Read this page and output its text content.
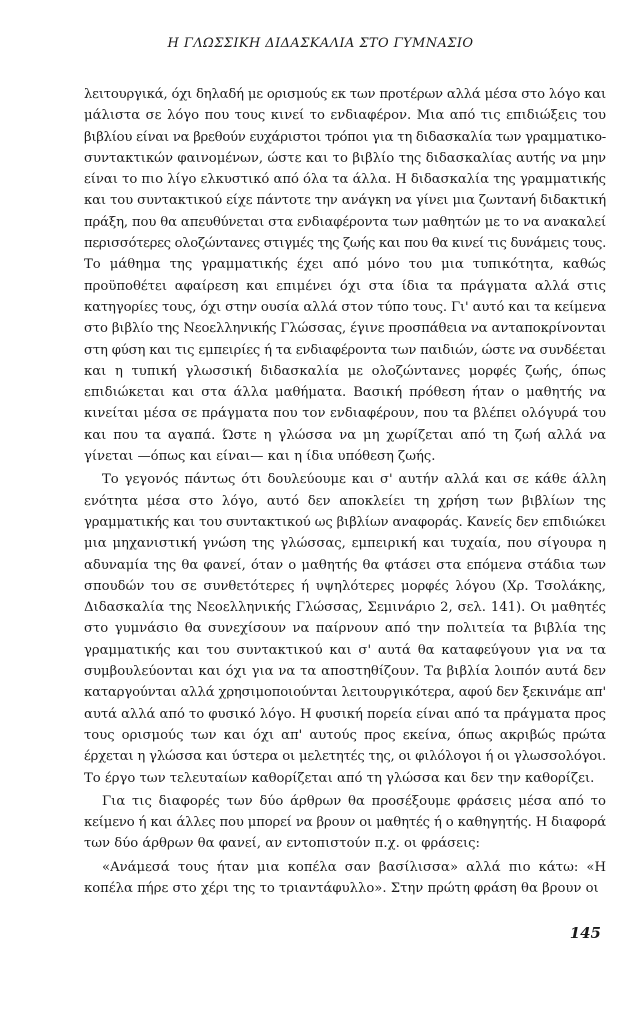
Η ΓΛΩΣΣΙΚΗ ΔΙΔΑΣΚΑΛΙΑ ΣΤΟ ΓΥΜΝΑΣΙΟ
λειτουργικά, όχι δηλαδή με ορισμούς εκ των προτέρων αλλά μέσα στο λόγο και
μάλιστα σε λόγο που τους κινεί το ενδιαφέρον. Μια από τις επιδιώξεις του
βιβλίου είναι να βρεθούν ευχάριστοι τρόποι για τη διδασκαλία των γραμματικο-
συντακτικών φαινομένων, ώστε και το βιβλίο της διδασκαλίας αυτής να μην
είναι το πιο λίγο ελκυστικό από όλα τα άλλα. Η διδασκαλία της γραμματικής
και του συντακτικού είχε πάντοτε την ανάγκη να γίνει μια ζωντανή διδακτική
πράξη, που θα απευθύνεται στα ενδιαφέροντα των μαθητών με το να ανακαλεί
περισσότερες ολοζώντανες στιγμές της ζωής και που θα κινεί τις δυνάμεις τους.
Το μάθημα της γραμματικής έχει από μόνο του μια τυπικότητα, καθώς
προϋποθέτει αφαίρεση και επιμένει όχι στα ίδια τα πράγματα αλλά στις
κατηγορίες τους, όχι στην ουσία αλλά στον τύπο τους. Γι' αυτό και τα κείμενα
στο βιβλίο της Νεοελληνικής Γλώσσας, έγινε προσπάθεια να ανταποκρίνονται
στη φύση και τις εμπειρίες ή τα ενδιαφέροντα των παιδιών, ώστε να συνδέεται
και η τυπική γλωσσική διδασκαλία με ολοζώντανες μορφές ζωής, όπως
επιδιώκεται και στα άλλα μαθήματα. Βασική πρόθεση ήταν ο μαθητής να
κινείται μέσα σε πράγματα που τον ενδιαφέρουν, που τα βλέπει ολόγυρά του
και που τα αγαπά. Ώστε η γλώσσα να μη χωρίζεται από τη ζωή αλλά να
γίνεται —όπως και είναι— και η ίδια υπόθεση ζωής.
Το γεγονός πάντως ότι δουλεύουμε και σ' αυτήν αλλά και σε κάθε άλλη
ενότητα μέσα στο λόγο, αυτό δεν αποκλείει τη χρήση των βιβλίων της
γραμματικής και του συντακτικού ως βιβλίων αναφοράς. Κανείς δεν επιδιώκει
μια μηχανιστική γνώση της γλώσσας, εμπειρική και τυχαία, που σίγουρα η
αδυναμία της θα φανεί, όταν ο μαθητής θα φτάσει στα επόμενα στάδια των
σπουδών του σε συνθετότερες ή υψηλότερες μορφές λόγου (Χρ. Τσολάκης,
Διδασκαλία της Νεοελληνικής Γλώσσας, Σεμινάριο 2, σελ. 141). Οι μαθητές
στο γυμνάσιο θα συνεχίσουν να παίρνουν από την πολιτεία τα βιβλία της
γραμματικής και του συντακτικού και σ' αυτά θα καταφεύγουν για να τα
συμβουλεύονται και όχι για να τα αποστηθίζουν. Τα βιβλία λοιπόν αυτά δεν
καταργούνται αλλά χρησιμοποιούνται λειτουργικότερα, αφού δεν ξεκινάμε απ'
αυτά αλλά από το φυσικό λόγο. Η φυσική πορεία είναι από τα πράγματα προς
τους ορισμούς των και όχι απ' αυτούς προς εκείνα, όπως ακριβώς πρώτα
έρχεται η γλώσσα και ύστερα οι μελετητές της, οι φιλόλογοι ή οι γλωσσολόγοι.
Το έργο των τελευταίων καθορίζεται από τη γλώσσα και δεν την καθορίζει.
Για τις διαφορές των δύο άρθρων θα προσέξουμε φράσεις μέσα από το
κείμενο ή και άλλες που μπορεί να βρουν οι μαθητές ή ο καθηγητής. Η διαφορά
των δύο άρθρων θα φανεί, αν εντοπιστούν π.χ. οι φράσεις:
«Ανάμεσά τους ήταν μια κοπέλα σαν βασίλισσα» αλλά πιο κάτω: «Η
κοπέλα πήρε στο χέρι της το τριαντάφυλλο». Στην πρώτη φράση θα βρουν οι
145
